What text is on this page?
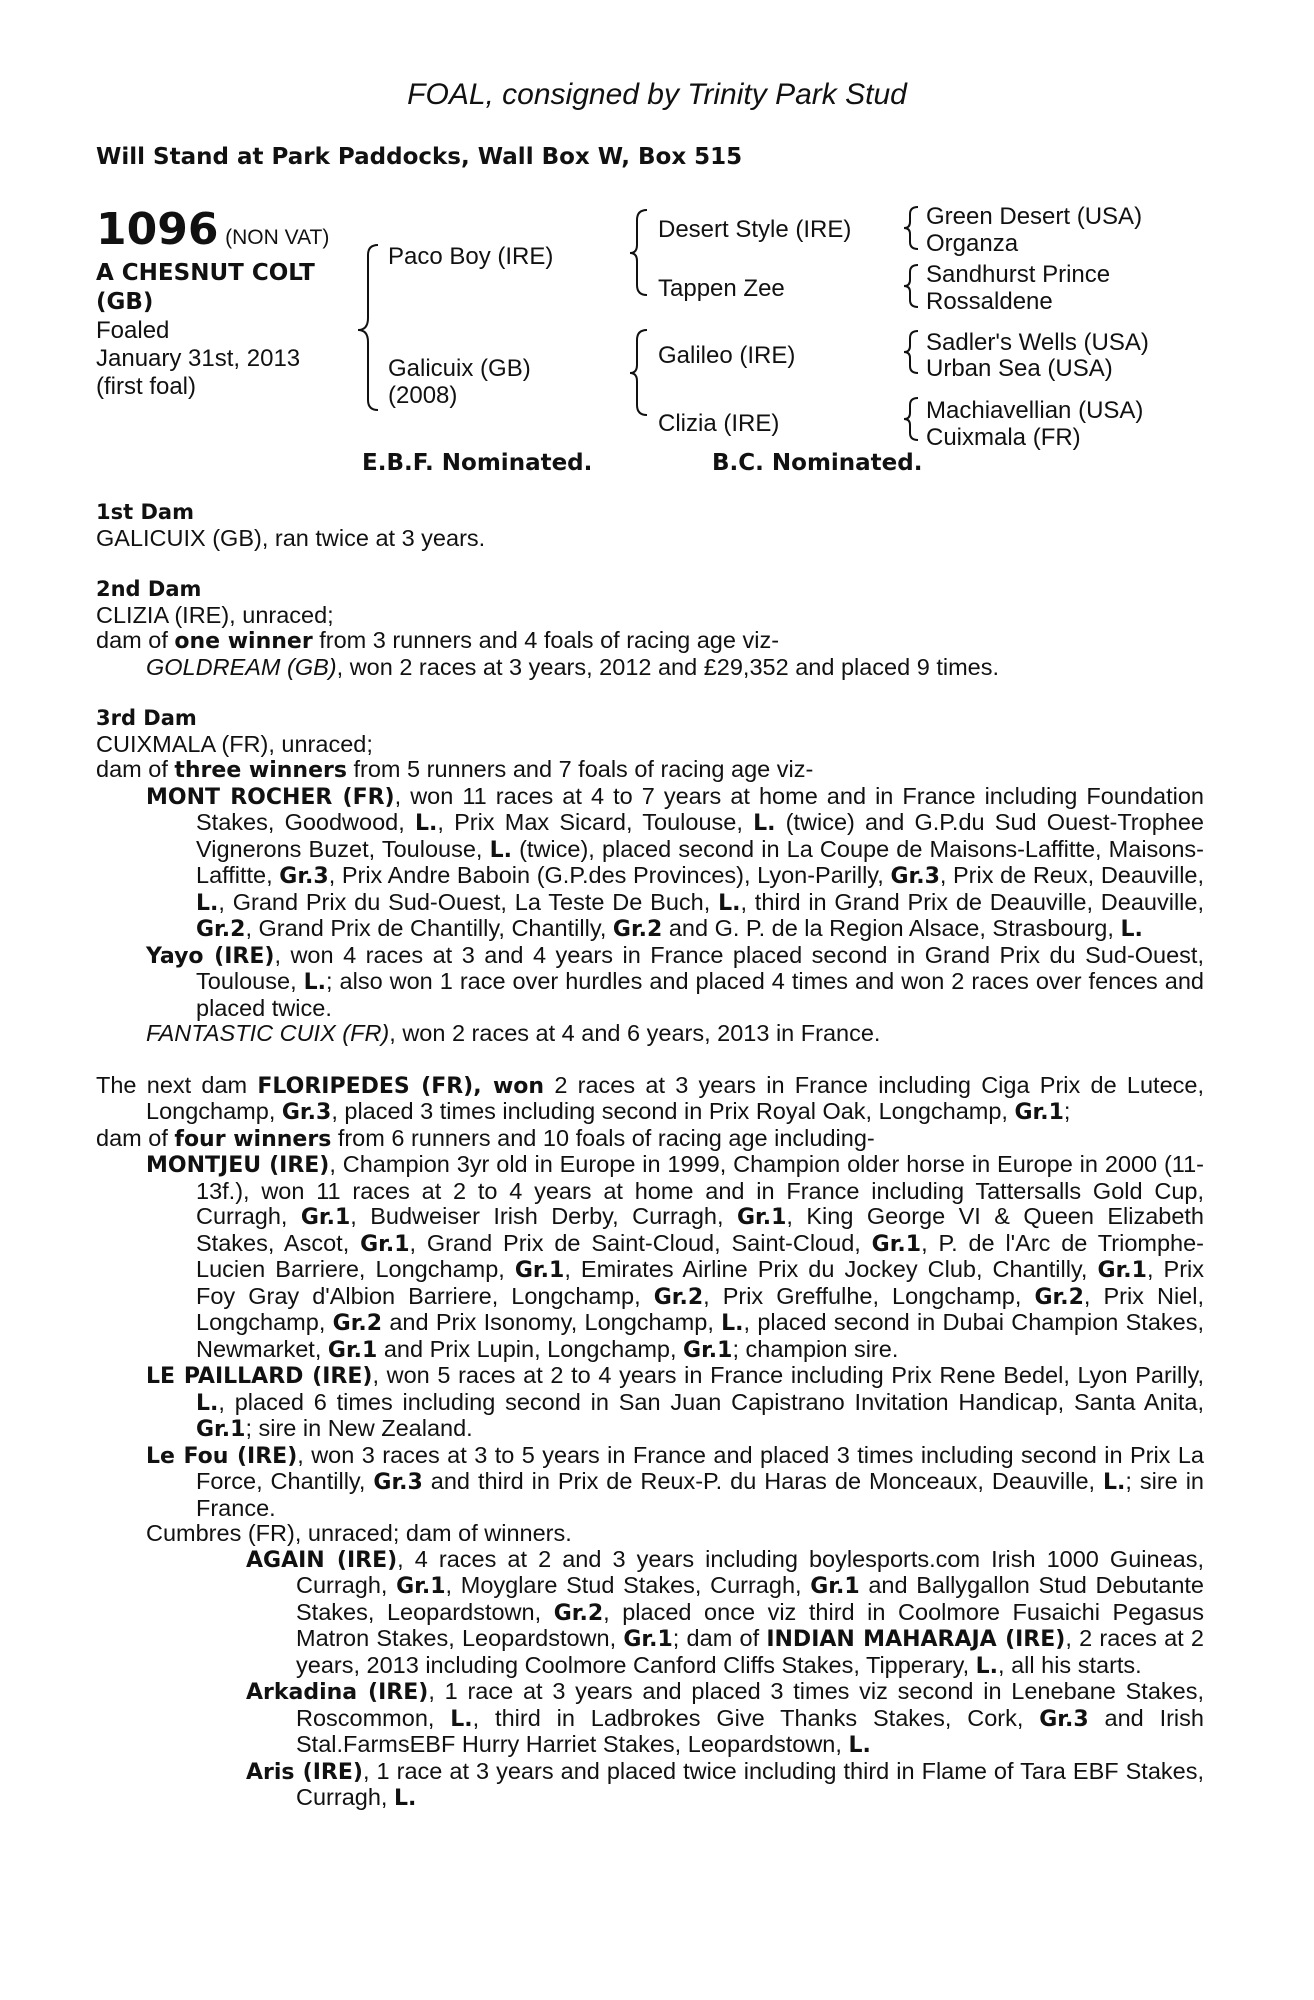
FOAL, consigned by Trinity Park Stud
Will Stand at Park Paddocks, Wall Box W, Box 515
1096 (NON VAT)
A CHESNUT COLT
(GB)
Foaled
January 31st, 2013
(first foal)
Paco Boy (IRE)
Galicuix (GB)
(2008)
Desert Style (IRE)
Tappen Zee
Galileo (IRE)
Clizia (IRE)
Green Desert (USA)
Organza
Sandhurst Prince
Rossaldene
Sadler's Wells (USA)
Urban Sea (USA)
Machiavellian (USA)
Cuixmala (FR)
E.B.F. Nominated.	B.C. Nominated.
1st Dam
GALICUIX (GB), ran twice at 3 years.
2nd Dam
CLIZIA (IRE), unraced;
dam of one winner from 3 runners and 4 foals of racing age viz-
GOLDREAM (GB), won 2 races at 3 years, 2012 and £29,352 and placed 9 times.
3rd Dam
CUIXMALA (FR), unraced;
dam of three winners from 5 runners and 7 foals of racing age viz-
MONT ROCHER (FR), won 11 races at 4 to 7 years at home and in France including Foundation Stakes, Goodwood, L., Prix Max Sicard, Toulouse, L. (twice) and G.P.du Sud Ouest-Trophee Vignerons Buzet, Toulouse, L. (twice), placed second in La Coupe de Maisons-Laffitte, Maisons-Laffitte, Gr.3, Prix Andre Baboin (G.P.des Provinces), Lyon-Parilly, Gr.3, Prix de Reux, Deauville, L., Grand Prix du Sud-Ouest, La Teste De Buch, L., third in Grand Prix de Deauville, Deauville, Gr.2, Grand Prix de Chantilly, Chantilly, Gr.2 and G. P. de la Region Alsace, Strasbourg, L.
Yayo (IRE), won 4 races at 3 and 4 years in France placed second in Grand Prix du Sud-Ouest, Toulouse, L.; also won 1 race over hurdles and placed 4 times and won 2 races over fences and placed twice.
FANTASTIC CUIX (FR), won 2 races at 4 and 6 years, 2013 in France.
The next dam FLORIPEDES (FR), won 2 races at 3 years in France including Ciga Prix de Lutece, Longchamp, Gr.3, placed 3 times including second in Prix Royal Oak, Longchamp, Gr.1;
dam of four winners from 6 runners and 10 foals of racing age including-
MONTJEU (IRE), Champion 3yr old in Europe in 1999, Champion older horse in Europe in 2000 (11-13f.), won 11 races at 2 to 4 years at home and in France including Tattersalls Gold Cup, Curragh, Gr.1, Budweiser Irish Derby, Curragh, Gr.1, King George VI & Queen Elizabeth Stakes, Ascot, Gr.1, Grand Prix de Saint-Cloud, Saint-Cloud, Gr.1, P. de l'Arc de Triomphe-Lucien Barriere, Longchamp, Gr.1, Emirates Airline Prix du Jockey Club, Chantilly, Gr.1, Prix Foy Gray d'Albion Barriere, Longchamp, Gr.2, Prix Greffulhe, Longchamp, Gr.2, Prix Niel, Longchamp, Gr.2 and Prix Isonomy, Longchamp, L., placed second in Dubai Champion Stakes, Newmarket, Gr.1 and Prix Lupin, Longchamp, Gr.1; champion sire.
LE PAILLARD (IRE), won 5 races at 2 to 4 years in France including Prix Rene Bedel, Lyon Parilly, L., placed 6 times including second in San Juan Capistrano Invitation Handicap, Santa Anita, Gr.1; sire in New Zealand.
Le Fou (IRE), won 3 races at 3 to 5 years in France and placed 3 times including second in Prix La Force, Chantilly, Gr.3 and third in Prix de Reux-P. du Haras de Monceaux, Deauville, L.; sire in France.
Cumbres (FR), unraced; dam of winners.
AGAIN (IRE), 4 races at 2 and 3 years including boylesports.com Irish 1000 Guineas, Curragh, Gr.1, Moyglare Stud Stakes, Curragh, Gr.1 and Ballygallon Stud Debutante Stakes, Leopardstown, Gr.2, placed once viz third in Coolmore Fusaichi Pegasus Matron Stakes, Leopardstown, Gr.1; dam of INDIAN MAHARAJA (IRE), 2 races at 2 years, 2013 including Coolmore Canford Cliffs Stakes, Tipperary, L., all his starts.
Arkadina (IRE), 1 race at 3 years and placed 3 times viz second in Lenebane Stakes, Roscommon, L., third in Ladbrokes Give Thanks Stakes, Cork, Gr.3 and Irish Stal.FarmsEBF Hurry Harriet Stakes, Leopardstown, L.
Aris (IRE), 1 race at 3 years and placed twice including third in Flame of Tara EBF Stakes, Curragh, L.
